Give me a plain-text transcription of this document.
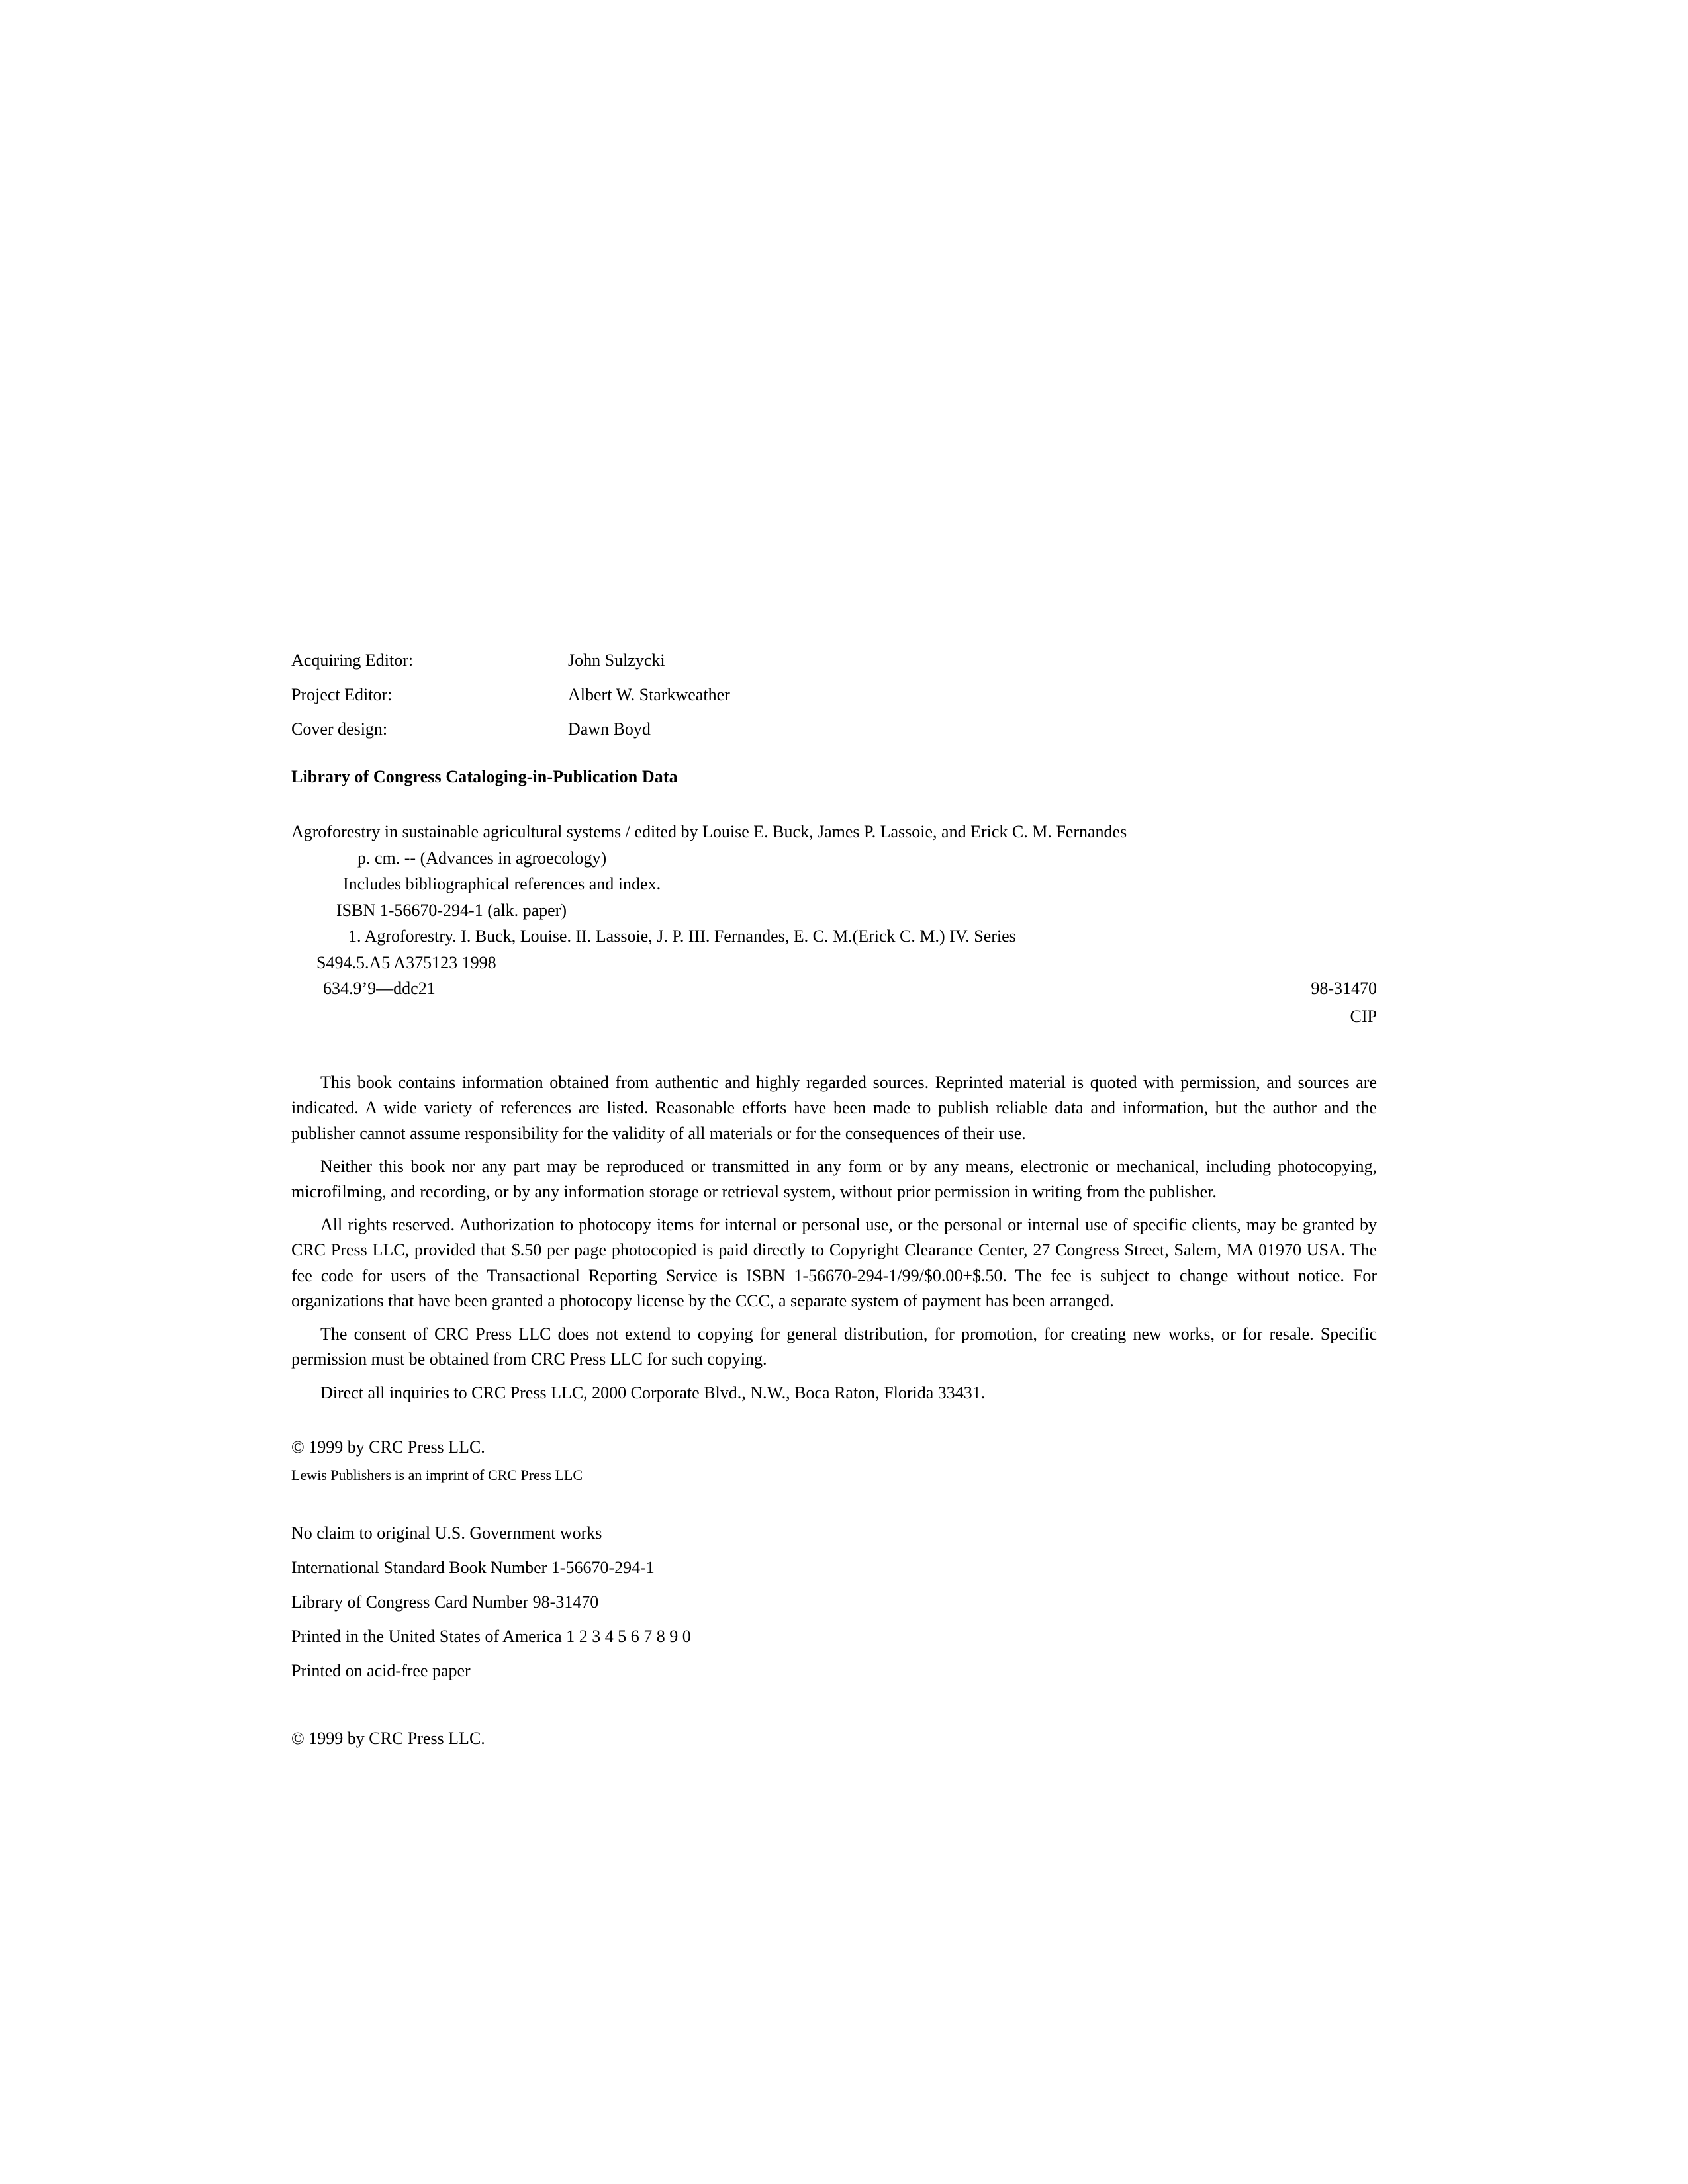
Acquiring Editor:	John Sulzycki
Project Editor:	Albert W. Starkweather
Cover design:	Dawn Boyd
Library of Congress Cataloging-in-Publication Data
Agroforestry in sustainable agricultural systems / edited by Louise E. Buck, James P. Lassoie, and Erick C. M. Fernandes
p. cm. -- (Advances in agroecology)
Includes bibliographical references and index.
ISBN 1-56670-294-1 (alk. paper)
1. Agroforestry. I. Buck, Louise. II. Lassoie, J. P. III. Fernandes, E. C. M.(Erick C. M.) IV. Series
S494.5.A5 A375123 1998
634.9’9—ddc21	98-31470
CIP

This book contains information obtained from authentic and highly regarded sources. Reprinted material is quoted with permission, and sources are indicated. A wide variety of references are listed. Reasonable efforts have been made to publish reliable data and information, but the author and the publisher cannot assume responsibility for the validity of all materials or for the consequences of their use.

Neither this book nor any part may be reproduced or transmitted in any form or by any means, electronic or mechanical, including photocopying, microfilming, and recording, or by any information storage or retrieval system, without prior permission in writing from the publisher.

All rights reserved. Authorization to photocopy items for internal or personal use, or the personal or internal use of specific clients, may be granted by CRC Press LLC, provided that $.50 per page photocopied is paid directly to Copyright Clearance Center, 27 Congress Street, Salem, MA 01970 USA. The fee code for users of the Transactional Reporting Service is ISBN 1-56670-294-1/99/$0.00+$.50. The fee is subject to change without notice. For organizations that have been granted a photocopy license by the CCC, a separate system of payment has been arranged.

The consent of CRC Press LLC does not extend to copying for general distribution, for promotion, for creating new works, or for resale. Specific permission must be obtained from CRC Press LLC for such copying.

Direct all inquiries to CRC Press LLC, 2000 Corporate Blvd., N.W., Boca Raton, Florida 33431.

© 1999 by CRC Press LLC.
Lewis Publishers is an imprint of CRC Press LLC
No claim to original U.S. Government works
International Standard Book Number 1-56670-294-1
Library of Congress Card Number 98-31470
Printed in the United States of America 1 2 3 4 5 6 7 8 9 0
Printed on acid-free paper
© 1999 by CRC Press LLC.
